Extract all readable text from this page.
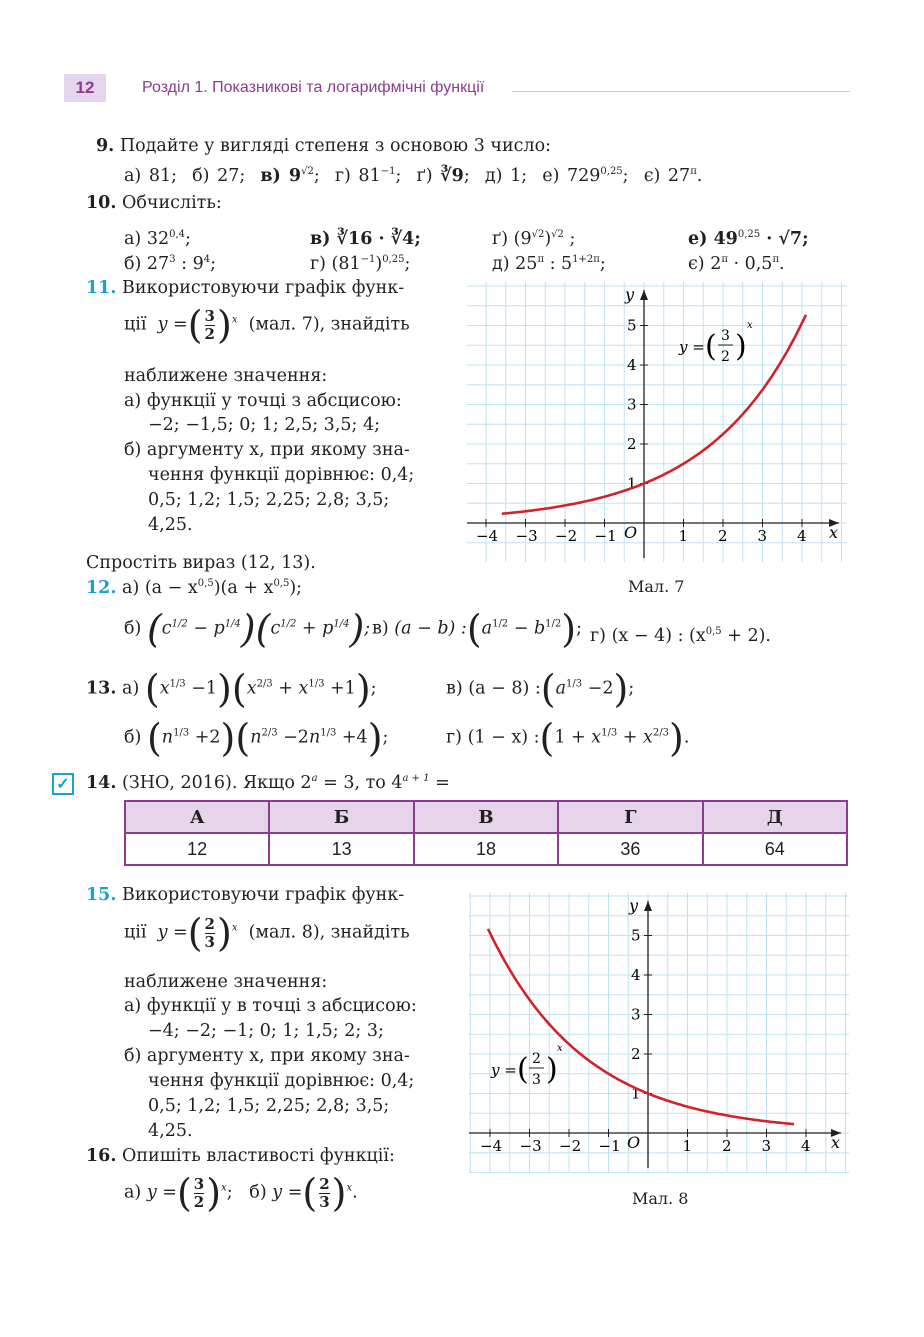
12	Розділ 1. Показникові та логарифмічні функції
9. Подайте у вигляді степеня з основою 3 число:
а) 81; б) 27; в) $9^{√2}$; г) $81^{-1}$; ґ) ∛9; д) 1; е) 729$^{0,25}$; є) $27^\pi$.
10. Обчисліть:
а) 32$^{0,4}$;	в) ∛16 · ∛4;	ґ) $(9^{√2})^{√2}$ ;	е) $49^{0,25} \cdot √7$;
б) $27^3$ : $9^4$;	г) $(81^{-1})^{0,25}$;	д) $25^\pi$ : $5^{1+2\pi}$;	є) $2^\pi \cdot 0,5^\pi$.
11. Використовуючи графік функ-
ції y =( $\frac{3}{2} )^x$ (мал. 7), знайдіть
наближене значення:
а) функції у точці з абсцисою:
−2; −1,5; 0; 1; 2,5; 3,5; 4;
б) аргументу x, при якому зна-
чення функції дорівнює: 0,4;
0,5; 1,2; 1,5; 2,25; 2,8; 3,5;
4,25.
−4 −3 −2 −1	1 2 3 4
1
2
3
4
5
O	x
y
y = ( 3
2 )
x
Мал. 7
Спростіть вираз (12, 13).
12. а) $(a - x^{0,5})(a + x^{0,5})$;
б) $(c^{1/2} - p^{1/4})(c^{1/2} + p^{1/4})$; в) (a − b) $:(a^{1/2} - b^{1/2})$; г) (x − 4) : $(x^{0,5} + 2)$.
13. а) $(x^{1/3} -1)(x^{2/3} + x^{1/3} +1)$;	в) (a − 8) $:(a^{1/3} -2)$;
б) $(n^{1/3} +2)(n^{2/3} -2n^{1/3} +4)$;	г) (1 − x) :(1 + $x^{1/3} + x^{2/3}$).
✓ 14. (ЗНО, 2016). Якщо $2^a = 3$, то $4^{a + 1}$ =
А	Б	В	Г	Д
12	13	18	36	64
15. Використовуючи графік функ-
ції y =( $\frac{2}{3} )^x$ (мал. 8), знайдіть
наближене значення:
а) функції y в точці з абсцисою:
−4; −2; −1; 0; 1; 1,5; 2; 3;
б) аргументу x, при якому зна-
чення функції дорівнює: 0,4;
0,5; 1,2; 1,5; 2,25; 2,8; 3,5;
4,25.
−4 −3 −2 −1	1 2 3 4
1
2
3
4
5
O	x
y
y = ( 2
3 )
x
Мал. 8
16. Опишіть властивості функції:
а) y =( $\frac{3}{2} )^x$;   б) y =( $\frac{2}{3} )^x$.
